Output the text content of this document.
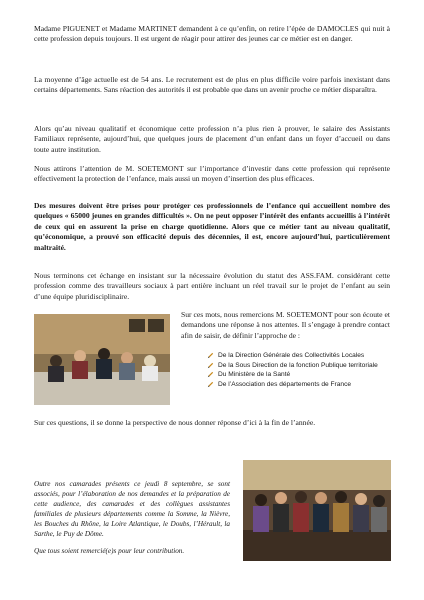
Madame PIGUENET et Madame MARTINET demandent à ce qu’enfin, on retire l’épée de DAMOCLES qui nuit à cette profession depuis toujours. Il est urgent de réagir pour attirer des jeunes car ce métier est en danger.

La moyenne d’âge actuelle est de 54 ans. Le recrutement est de plus en plus difficile voire parfois inexistant dans certains départements. Sans réaction des autorités il est probable que dans un avenir proche ce métier disparaîtra.

Alors qu’au niveau qualitatif et économique cette profession n’a plus rien à prouver, le salaire des Assistants Familiaux représente, aujourd’hui, que quelques jours de placement d’un enfant dans un foyer d’accueil ou dans toute autre institution.

Nous attirons l’attention de M. SOETEMONT sur l’importance d’investir dans cette profession qui représente effectivement la protection de l’enfance, mais aussi un moyen d’insertion des plus efficaces.

Des mesures doivent être prises pour protéger ces professionnels de l’enfance qui accueillent nombre des quelques « 65000 jeunes en grandes difficultés ». On ne peut opposer l’intérêt des enfants accueillis à l’intérêt de ceux qui en assurent la prise en charge quotidienne. Alors que ce métier tant au niveau qualitatif, qu’économique, a prouvé son efficacité depuis des décennies, il est, encore aujourd’hui, particulièrement maltraité.

Nous terminons cet échange en insistant sur la nécessaire évolution du statut des ASS.FAM. considérant cette profession comme des travailleurs sociaux à part entière incluant un réel travail sur le projet de l’enfant au sein d’une équipe pluridisciplinaire.

Sur ces mots, nous remercions M. SOETEMONT pour son écoute et demandons une réponse à nos attentes. Il s’engage à prendre contact afin de saisir, de définir l’approche de :

De la Direction Générale des Collectivités Locales
De la Sous Direction de la fonction Publique territoriale
Du Ministère de la Santé
De l’Association des départements de France

Sur ces questions, il se donne la perspective de nous donner réponse d’ici à la fin de l’année.

Outre nos camarades présents ce jeudi 8 septembre, se sont associés, pour l’élaboration de nos demandes et la préparation de cette audience, des camarades et des collègues assistantes familiales de plusieurs départements comme la Somme, la Nièvre, les Bouches du Rhône, la Loire Atlantique, le Doubs, l’Hérault, la Sarthe, le Puy de Dôme.

Que tous soient remercié(e)s pour leur contribution.
